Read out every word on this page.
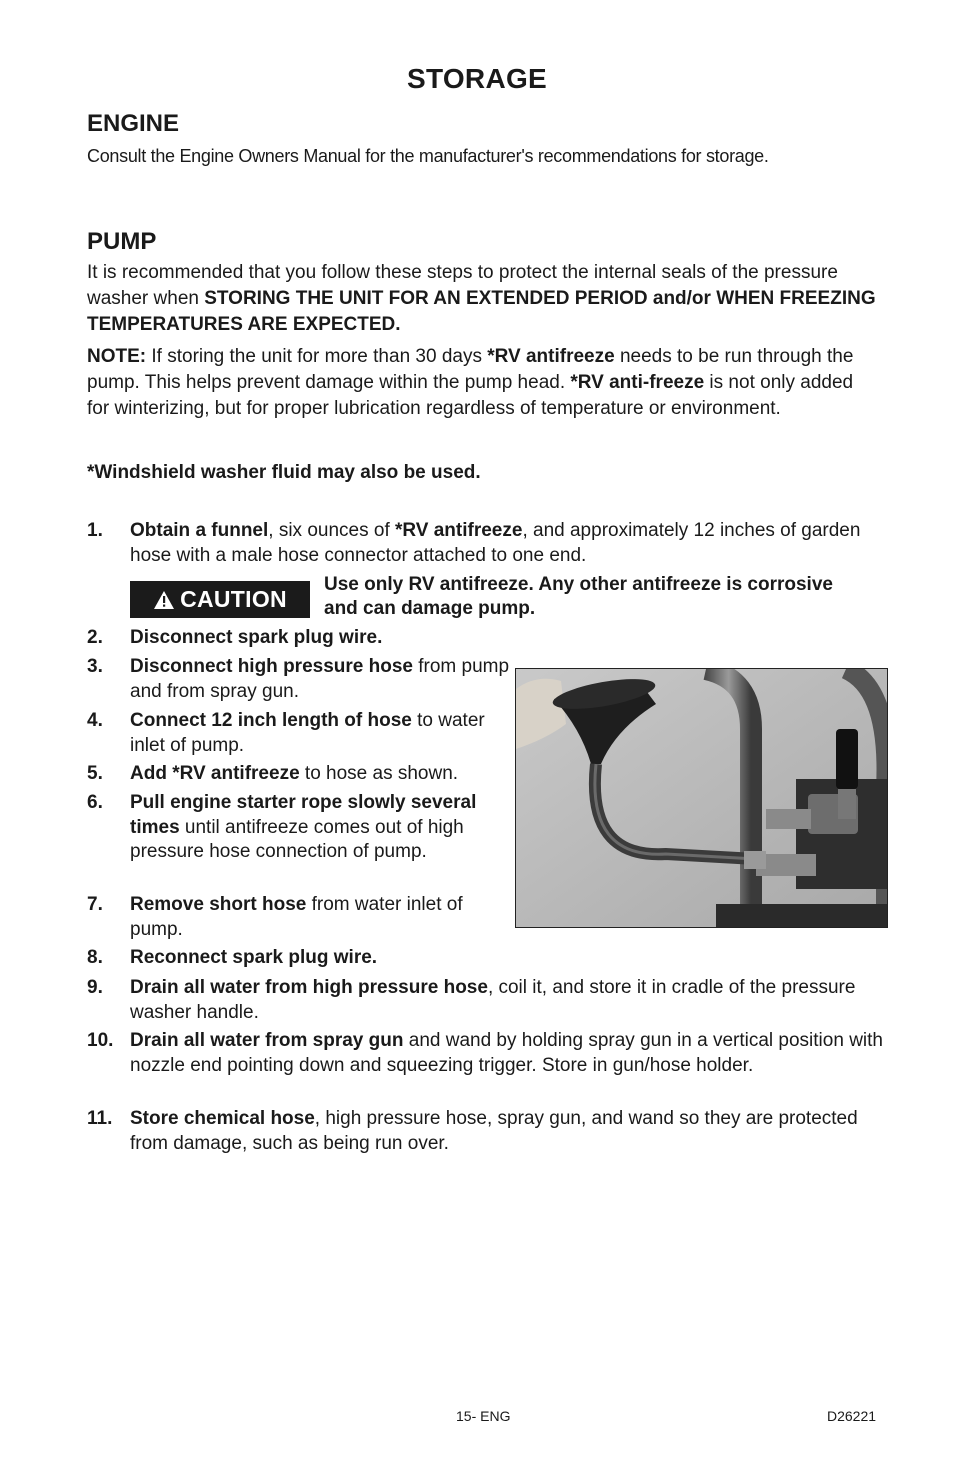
STORAGE
ENGINE
Consult the Engine Owners Manual for the manufacturer's recommendations for storage.
PUMP
It is recommended that you follow these steps to protect the internal seals of the pressure washer when STORING THE UNIT FOR AN EXTENDED PERIOD and/or WHEN FREEZING TEMPERATURES ARE EXPECTED.
NOTE: If storing the unit for more than 30 days *RV antifreeze needs to be run through the pump. This helps prevent damage within the pump head. *RV anti-freeze is not only added for winterizing, but for proper lubrication regardless of temperature or environment.
*Windshield washer fluid may also be used.
1. Obtain a funnel, six ounces of *RV antifreeze, and approximately 12 inches of garden hose with a male hose connector attached to one end.
CAUTION
Use only RV antifreeze. Any other antifreeze is corrosive and can damage pump.
2. Disconnect spark plug wire.
3. Disconnect high pressure hose from pump and from spray gun.
4. Connect 12 inch length of hose to water inlet of pump.
5. Add *RV antifreeze to hose as shown.
6. Pull engine starter rope slowly several times until antifreeze comes out of high pressure hose connection of pump.
7. Remove short hose from water inlet of pump.
8. Reconnect spark plug wire.
9. Drain all water from high pressure hose, coil it, and store it in cradle of the pressure washer handle.
10. Drain all water from spray gun and wand by holding spray gun in a vertical position with nozzle end pointing down and squeezing trigger. Store in gun/hose holder.
11. Store chemical hose, high pressure hose, spray gun, and wand so they are protected from damage, such as being run over.
15- ENG	D26221
